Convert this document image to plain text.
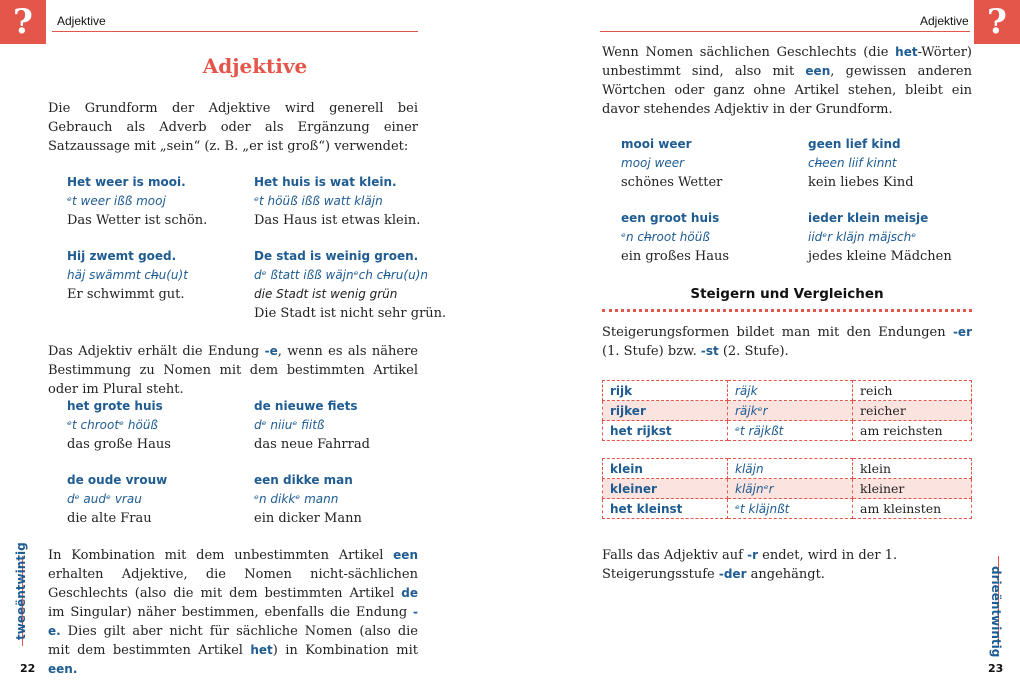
?	Adjektive
Adjektive

Die Grundform der Adjektive wird generell bei Gebrauch als Adverb oder als Ergänzung einer Satzaussage mit „sein“ (z. B. „er ist groß“) verwendet:

Het weer is mooi.
ᵉt weer ißß mooj
Das Wetter ist schön.
Het huis is wat klein.
ᵉt höüß ißß watt kläjn
Das Haus ist etwas klein.
Hij zwemt goed.
häj swämmt ch̶u(u)t
Er schwimmt gut.
De stad is weinig groen.
dᵉ ßtatt ißß wäjnᵉch ch̶ru(u)n
die Stadt ist wenig grün
Die Stadt ist nicht sehr grün.

Das Adjektiv erhält die Endung -e, wenn es als nähere Bestimmung zu Nomen mit dem bestimmten Artikel oder im Plural steht.

het grote huis
ᵉt chrootᵉ höüß
das große Haus
de nieuwe fiets
dᵉ niiuᵉ fiitß
das neue Fahrrad
de oude vrouw
dᵉ audᵉ vrau
die alte Frau
een dikke man
ᵉn dikkᵉ mann
ein dicker Mann

In Kombination mit dem unbestimmten Artikel een erhalten Adjektive, die Nomen nicht-sächlichen Geschlechts (also die mit dem bestimmten Artikel de im Singular) näher bestimmen, ebenfalls die Endung -e. Dies gilt aber nicht für sächliche Nomen (also die mit dem bestimmten Artikel het) in Kombination mit een.

tweeëntwintig
22
?
Adjektive
23

Wenn Nomen sächlichen Geschlechts (die het-Wörter) unbestimmt sind, also mit een, gewissen anderen Wörtchen oder ganz ohne Artikel stehen, bleibt ein davor stehendes Adjektiv in der Grundform.

mooi weer
mooj weer
schönes Wetter
geen lief kind
ch̶een liif kinnt
kein liebes Kind
een groot huis
ᵉn ch̶root höüß
ein großes Haus
ieder klein meisje
iidᵉr kläjn mäjschᵉ
jedes kleine Mädchen
Steigern und Vergleichen

Steigerungsformen bildet man mit den Endungen -er (1. Stufe) bzw. -st (2. Stufe).

rijk	räjk	reich
rijker	räjkᵉr	reicher
het rijkst	ᵉt räjkßt	am reichsten
klein	kläjn	klein
kleiner	kläjnᵉr	kleiner
het kleinst	ᵉt kläjnßt	am kleinsten

Falls das Adjektiv auf -r endet, wird in der 1. Steigerungsstufe -der angehängt.	drieëntwintig
